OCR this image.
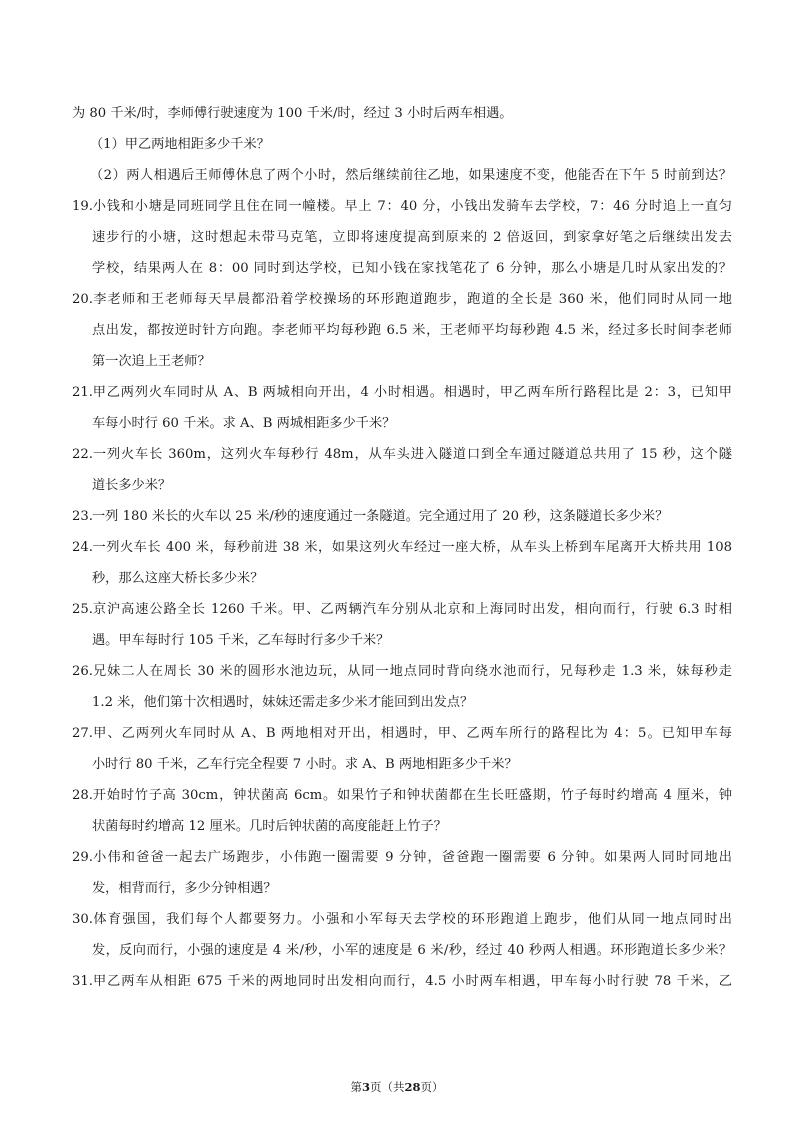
为 80 千米/时，李师傅行驶速度为 100 千米/时，经过 3 小时后两车相遇。
（1）甲乙两地相距多少千米？
（2）两人相遇后王师傅休息了两个小时，然后继续前往乙地，如果速度不变，他能否在下午 5 时前到达？
19.小钱和小塘是同班同学且住在同一幢楼。早上 7：40 分，小钱出发骑车去学校，7：46 分时追上一直匀
速步行的小塘，这时想起未带马克笔，立即将速度提高到原来的 2 倍返回，到家拿好笔之后继续出发去
学校，结果两人在 8：00 同时到达学校，已知小钱在家找笔花了 6 分钟，那么小塘是几时从家出发的？
20.李老师和王老师每天早晨都沿着学校操场的环形跑道跑步，跑道的全长是 360 米，他们同时从同一地
点出发，都按逆时针方向跑。李老师平均每秒跑 6.5 米，王老师平均每秒跑 4.5 米，经过多长时间李老师
第一次追上王老师？
21.甲乙两列火车同时从 A、B 两城相向开出，4 小时相遇。相遇时，甲乙两车所行路程比是 2：3，已知甲
车每小时行 60 千米。求 A、B 两城相距多少千米？
22.一列火车长 360m，这列火车每秒行 48m，从车头进入隧道口到全车通过隧道总共用了 15 秒，这个隧
道长多少米？
23.一列 180 米长的火车以 25 米/秒的速度通过一条隧道。完全通过用了 20 秒，这条隧道长多少米？
24.一列火车长 400 米，每秒前进 38 米，如果这列火车经过一座大桥，从车头上桥到车尾离开大桥共用 108
秒，那么这座大桥长多少米？
25.京沪高速公路全长 1260 千米。甲、乙两辆汽车分别从北京和上海同时出发，相向而行，行驶 6.3 时相
遇。甲车每时行 105 千米，乙车每时行多少千米？
26.兄妹二人在周长 30 米的圆形水池边玩，从同一地点同时背向绕水池而行，兄每秒走 1.3 米，妹每秒走
1.2 米，他们第十次相遇时，妹妹还需走多少米才能回到出发点？
27.甲、乙两列火车同时从 A、B 两地相对开出，相遇时，甲、乙两车所行的路程比为 4：5。已知甲车每
小时行 80 千米，乙车行完全程要 7 小时。求 A、B 两地相距多少千米？
28.开始时竹子高 30cm，钟状菌高 6cm。如果竹子和钟状菌都在生长旺盛期，竹子每时约增高 4 厘米，钟
状菌每时约增高 12 厘米。几时后钟状菌的高度能赶上竹子？
29.小伟和爸爸一起去广场跑步，小伟跑一圈需要 9 分钟，爸爸跑一圈需要 6 分钟。如果两人同时同地出
发，相背而行，多少分钟相遇？
30.体育强国，我们每个人都要努力。小强和小军每天去学校的环形跑道上跑步，他们从同一地点同时出
发，反向而行，小强的速度是 4 米/秒，小军的速度是 6 米/秒，经过 40 秒两人相遇。环形跑道长多少米？
31.甲乙两车从相距 675 千米的两地同时出发相向而行，4.5 小时两车相遇，甲车每小时行驶 78 千米，乙
第3页（共28页）
